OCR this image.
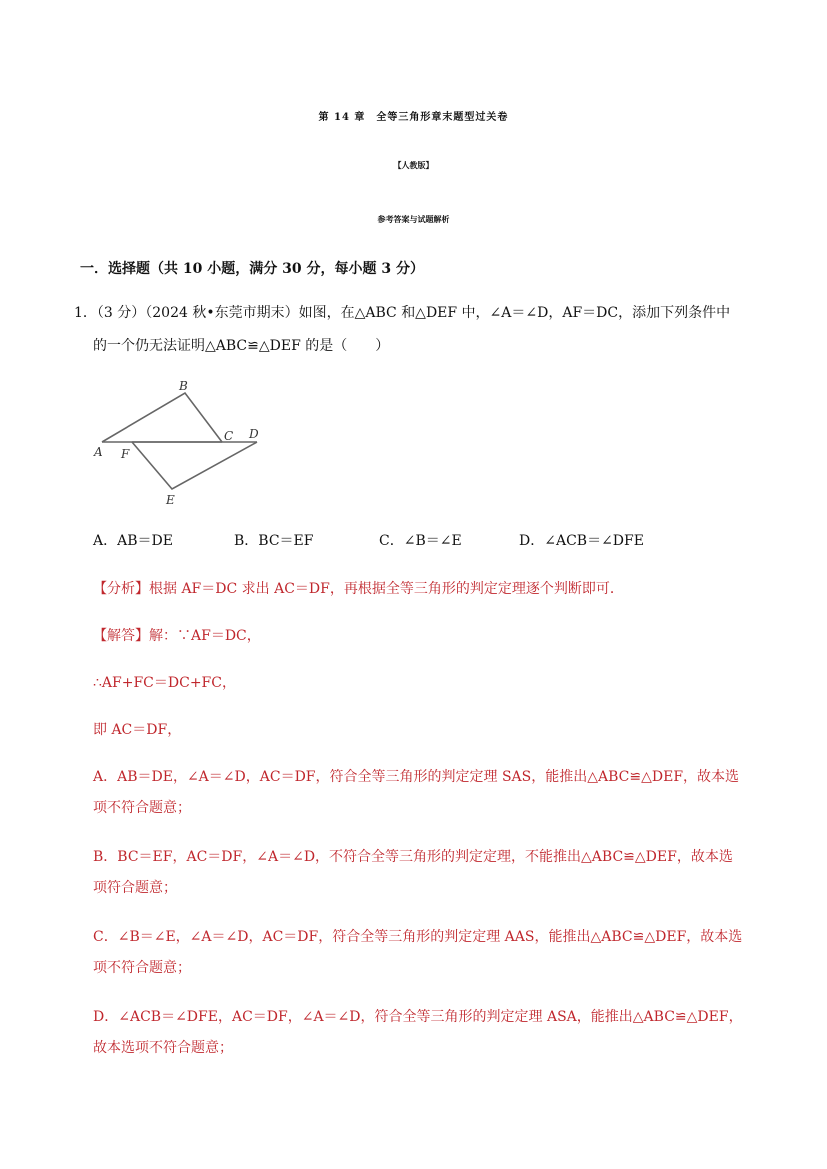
第 14 章　全等三角形章末题型过关卷
【人教版】
参考答案与试题解析
一．选择题（共 10 小题，满分 30 分，每小题 3 分）
1．（3 分）（2024 秋•东莞市期末）如图，在△ABC 和△DEF 中，∠A＝∠D，AF＝DC，添加下列条件中
的一个仍无法证明△ABC≌△DEF 的是（　　）
A
B
C D
E
F
A．AB＝DE	B．BC＝EF	C．∠B＝∠E	D．∠ACB＝∠DFE
【分析】根据 AF＝DC 求出 AC＝DF，再根据全等三角形的判定定理逐个判断即可．
【解答】解：∵AF＝DC，
∴AF+FC＝DC+FC，
即 AC＝DF，
A．AB＝DE，∠A＝∠D，AC＝DF，符合全等三角形的判定定理 SAS，能推出△ABC≌△DEF，故本选
项不符合题意；
B．BC＝EF，AC＝DF，∠A＝∠D，不符合全等三角形的判定定理，不能推出△ABC≌△DEF，故本选
项符合题意；
C．∠B＝∠E，∠A＝∠D，AC＝DF，符合全等三角形的判定定理 AAS，能推出△ABC≌△DEF，故本选
项不符合题意；
D．∠ACB＝∠DFE，AC＝DF，∠A＝∠D，符合全等三角形的判定定理 ASA，能推出△ABC≌△DEF，
故本选项不符合题意；
